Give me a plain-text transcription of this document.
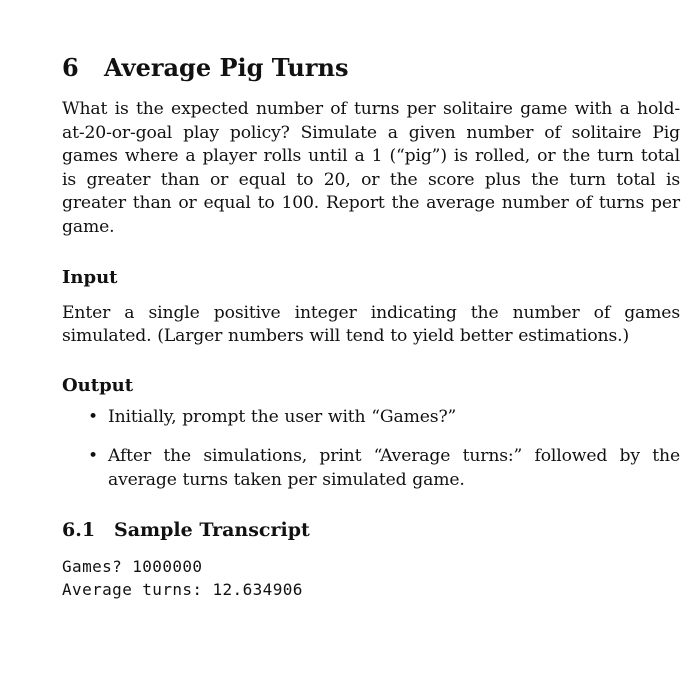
6	Average Pig Turns

What is the expected number of turns per solitaire game with a hold-at-20-or-goal play policy? Simulate a given number of solitaire Pig games where a player rolls until a 1 (“pig”) is rolled, or the turn total is greater than or equal to 20, or the score plus the turn total is greater than or equal to 100. Report the average number of turns per game.

Input

Enter a single positive integer indicating the number of games simulated. (Larger numbers will tend to yield better estimations.)

Output
• Initially, prompt the user with “Games?”
• After the simulations, print “Average turns:” followed by the average turns taken per simulated game.
6.1 Sample Transcript
Games? 1000000
Average turns: 12.634906
